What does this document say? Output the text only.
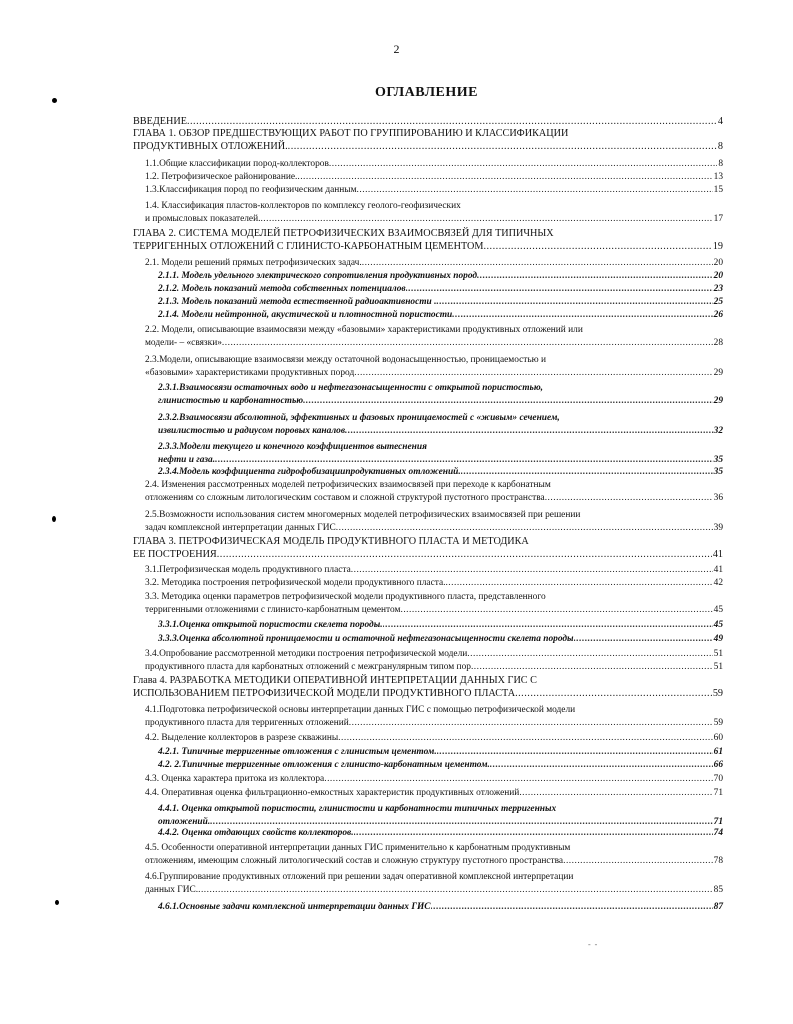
2
ОГЛАВЛЕНИЕ
ВВЕДЕНИЕ .....	4
ГЛАВА 1. ОБЗОР ПРЕДШЕСТВУЮЩИХ РАБОТ ПО ГРУППИРОВАНИЮ И КЛАССИФИКАЦИИ
ПРОДУКТИВНЫХ ОТЛОЖЕНИЙ. .....	8
1.1.Общие классификации пород-коллекторов .....	8
1.2. Петрофизическое районирование. .....	13
1.3.Классификация пород по геофизическим данным .....	15
1.4. Классификация пластов-коллекторов по комплексу геолого-геофизических
и промысловых показателей. .....	17
ГЛАВА 2. СИСТЕМА МОДЕЛЕЙ ПЕТРОФИЗИЧЕСКИХ ВЗАИМОСВЯЗЕЙ ДЛЯ ТИПИЧНЫХ
ТЕРРИГЕННЫХ ОТЛОЖЕНИЙ С ГЛИНИСТО-КАРБОНАТНЫМ ЦЕМЕНТОМ .....	19
2.1. Модели решений прямых петрофизических задач. .....	20
2.1.1. Модель удельного электрического сопротивления продуктивных пород .....	20
2.1.2. Модель показаний метода собственных потенциалов .....	23
2.1.3. Модель показаний метода естественной радиоактивности . .....	25
2.1.4. Модели нейтронной, акустической и плотностной пористости .....	26
2.2. Модели, описывающие взаимосвязи между «базовыми» характеристиками продуктивных отложений или
модели- – «связки» .....	28
2.3.Модели, описывающие взаимосвязи между остаточной водонасыщенностью, проницаемостью и
«базовыми» характеристиками продуктивных пород .....	29
2.3.1.Взаимосвязи остаточных водо и нефтегазонасыщенности с открытой пористостью,
глинистостью и карбонатностью .....	29
2.3.2.Взаимосвязи абсолютной, эффективных и фазовых проницаемостей с «живым» сечением,
извилистостью и радиусом поровых каналов .....	32
2.3.3.Модели текущего и конечного коэффициентов вытеснения
нефти и газа. .....	35
2.3.4.Модель коэффициента гидрофобизациипродуктивных отложений. .....	35
2.4. Изменения рассмотренных моделей петрофизических взаимосвязей при переходе к карбонатным
отложениям со сложным литологическим составом и сложной структурой пустотного пространства .....	36
2.5.Возможности использования систем многомерных моделей петрофизических взаимосвязей при решении
задач комплексной интерпретации данных ГИС .....	39
ГЛАВА 3. ПЕТРОФИЗИЧЕСКАЯ МОДЕЛЬ ПРОДУКТИВНОГО ПЛАСТА И МЕТОДИКА
ЕЕ ПОСТРОЕНИЯ .....	41
3.1.Петрофизическая модель продуктивного пласта .....	41
3.2. Методика построения петрофизической модели продуктивного пласта. .....	42
3.3. Методика оценки параметров петрофизической модели продуктивного пласта, представленного
терригенными отложениями с глинисто-карбонатным цементом .....	45
3.3.1.Оценка открытой пористости скелета породы. .....	45
3.3.3.Оценка абсолютной проницаемости и остаточной нефтегазонасыщенности скелета породы .....	49
3.4.Опробование рассмотренной методики построения петрофизической модели .....	51
продуктивного пласта для карбонатных отложений с межгранулярным типом пор .....	51
Глава 4. РАЗРАБОТКА МЕТОДИКИ ОПЕРАТИВНОЙ ИНТЕРПРЕТАЦИИ ДАННЫХ ГИС С
ИСПОЛЬЗОВАНИЕМ ПЕТРОФИЗИЧЕСКОЙ МОДЕЛИ ПРОДУКТИВНОГО ПЛАСТА .....	59
4.1.Подготовка петрофизической основы интерпретации данных ГИС с помощью петрофизической модели
продуктивного пласта для терригенных отложений .....	59
4.2. Выделение коллекторов в разрезе скважины .....	60
4.2.1. Типичные терригенные отложения с глинистым цементом. .....	61
4.2. 2.Типичные терригенные отложения с глинисто-карбонатным цементом. .....	66
4.3. Оценка характера притока из коллектора .....	70
4.4. Оперативная оценка фильтрационно-емкостных характеристик продуктивных отложений .....	71
4.4.1. Оценка открытой пористости, глинистости и карбонатности типичных терригенных
отложений. .....	71
4.4.2. Оценка отдающих свойств коллекторов. .....	74
4.5. Особенности оперативной интерпретации данных ГИС применительно к карбонатным продуктивным
отложениям, имеющим сложный литологический состав и сложную структуру пустотного пространства .....	78
4.6.Группирование продуктивных отложений при решении задач оперативной комплексной интерпретации
данных ГИС. .....	85
4.6.1.Основные задачи комплексной интерпретации данных ГИС .....	87
-  -
